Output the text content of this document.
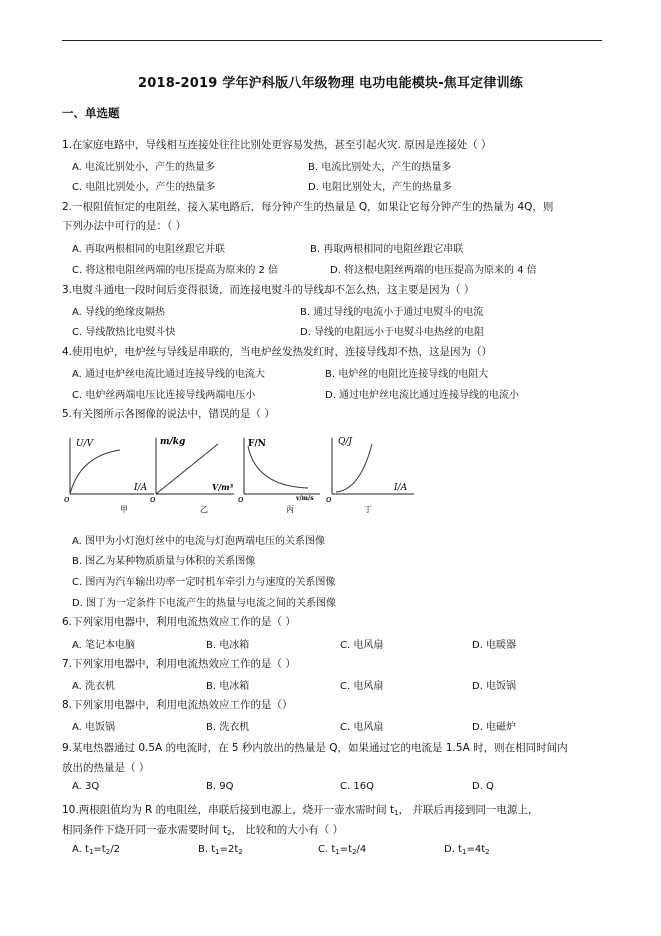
2018-2019 学年沪科版八年级物理 电功电能模块-焦耳定律训练
一、单选题
1.在家庭电路中，导线相互连接处往往比别处更容易发热，甚至引起火灾. 原因是连接处（ ）
A. 电流比别处小，产生的热量多	B. 电流比别处大，产生的热量多
C. 电阻比别处小，产生的热量多	D. 电阻比别处大，产生的热量多
2.一根阻值恒定的电阻丝，接入某电路后，每分钟产生的热量是 Q，如果让它每分钟产生的热量为 4Q，则
下列办法中可行的是：（ ）
A. 再取两根相同的电阻丝跟它并联	B. 再取两根相同的电阻丝跟它串联
C. 将这根电阻丝两端的电压提高为原来的 2 倍	D. 将这根电阻丝两端的电压提高为原来的 4 倍
3.电熨斗通电一段时间后变得很烫，而连接电熨斗的导线却不怎么热，这主要是因为（ ）
A. 导线的绝缘皮隔热	B. 通过导线的电流小于通过电熨斗的电流
C. 导线散热比电熨斗快	D. 导线的电阻远小于电熨斗电热丝的电阻
4.使用电炉，电炉丝与导线是串联的，当电炉丝发热发红时，连接导线却不热，这是因为（）
A. 通过电炉丝电流比通过连接导线的电流大	B. 电炉丝的电阻比连接导线的电阻大
C. 电炉丝两端电压比连接导线两端电压小	D. 通过电炉丝电流比通过连接导线的电流小
5.有关图所示各图像的说法中，错误的是（ ）
U/V
I/A
o
甲
m/kg
V/m³
o
乙
F/N
v/m/s
o
丙
Q/J
I/A
o
丁
A. 图甲为小灯泡灯丝中的电流与灯泡两端电压的关系图像
B. 图乙为某种物质质量与体积的关系图像
C. 图丙为汽车输出功率一定时机车牵引力与速度的关系图像
D. 图丁为一定条件下电流产生的热量与电流之间的关系图像
6.下列家用电器中，利用电流热效应工作的是（ ）
A. 笔记本电脑	B. 电冰箱	C. 电风扇	D. 电暖器
7.下列家用电器中，利用电流热效应工作的是（ ）
A. 洗衣机	B. 电冰箱	C. 电风扇	D. 电饭锅
8.下列家用电器中，利用电流热效应工作的是（）
A. 电饭锅	B. 洗衣机	C. 电风扇	D. 电磁炉
9.某电热器通过 0.5A 的电流时，在 5 秒内放出的热量是 Q，如果通过它的电流是 1.5A 时，则在相同时间内
放出的热量是（ ）
A. 3Q	B. 9Q	C. 16Q	D. Q
10.两根阻值均为 R 的电阻丝，串联后接到电源上，烧开一壶水需时间 $t_1$， 并联后再接到同一电源上，
相同条件下烧开同一壶水需要时间 $t_2$， 比较和的大小有（ ）
A. $t_1=t_2/2$	B. $t_1=2t_2$	C. $t_1=t_2/4$	D. $t_1=4t_2$
